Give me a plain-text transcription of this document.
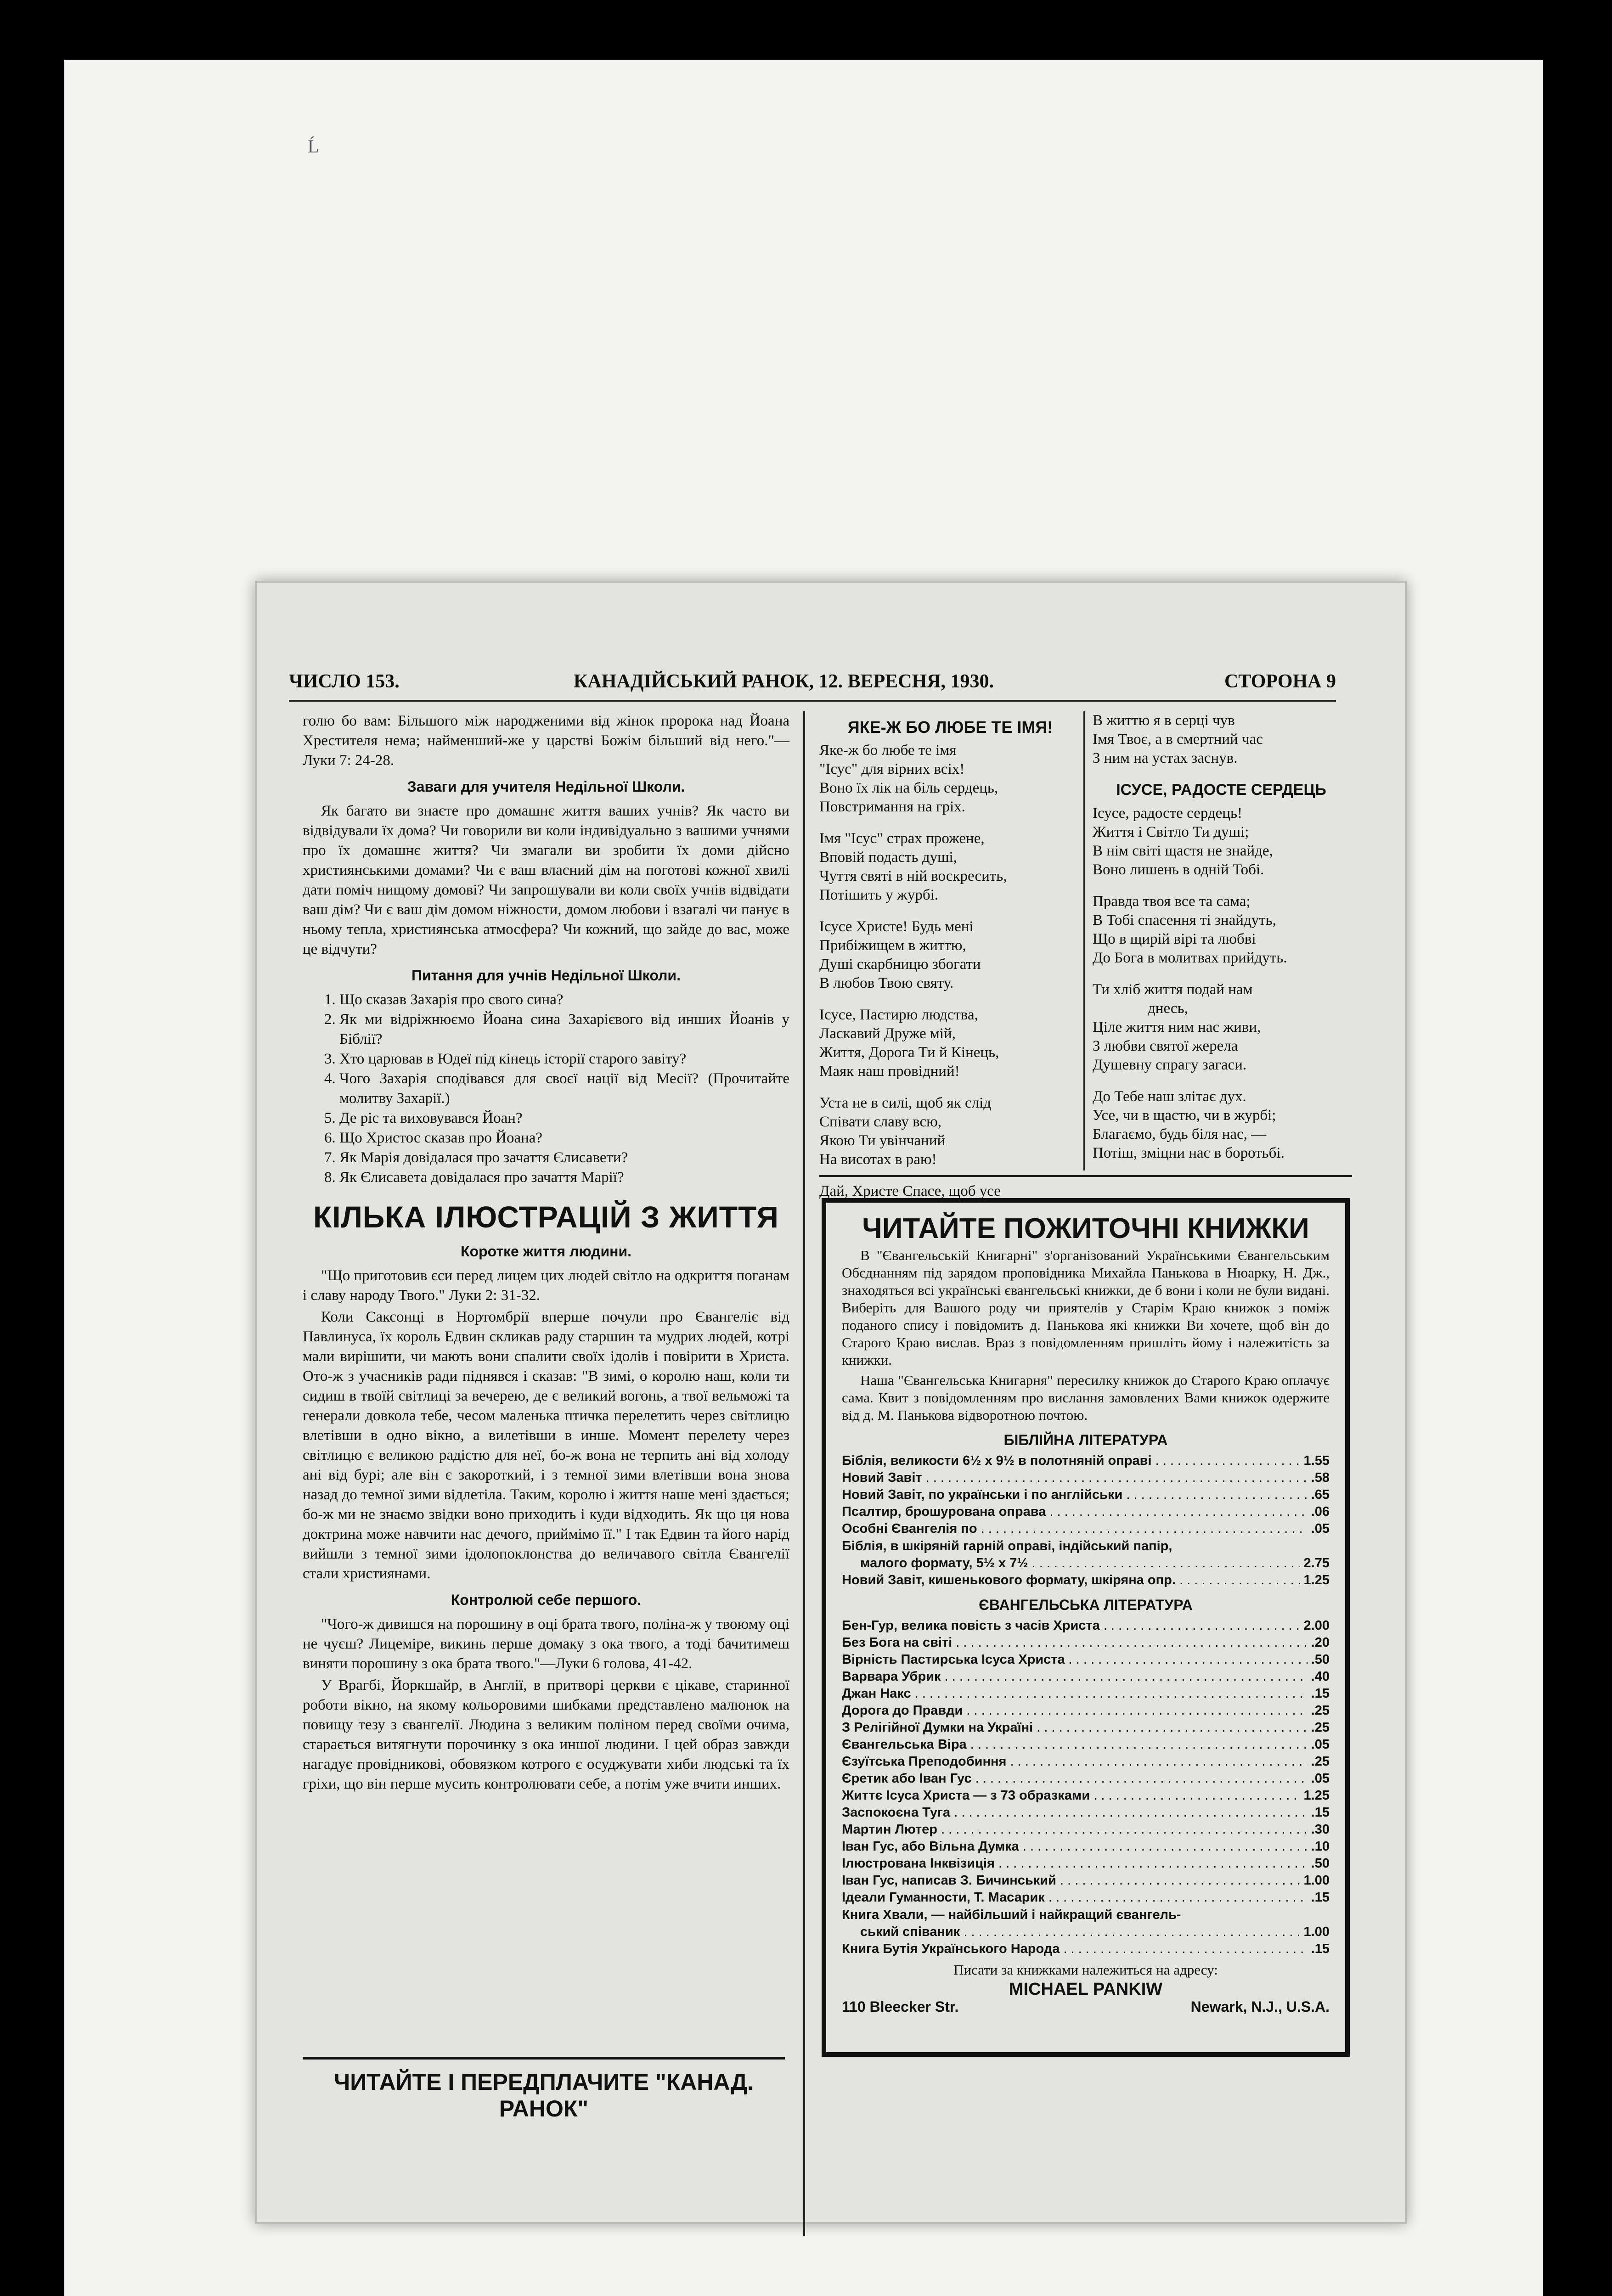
Ĺ
ЧИСЛО 153.	КАНАДІЙСЬКИЙ РАНОК, 12. ВЕРЕСНЯ, 1930.	СТОРОНА 9

голю бо вам: Більшого між народженими від жінок пророка над Йоана Хрестителя нема; найменший-же у царстві Божім більший від него."—Луки 7: 24-28.

Заваги для учителя Недільної Школи.

Як багато ви знаєте про домашнє життя ваших учнів? Як часто ви відвідували їх дома? Чи говорили ви коли індивідуально з вашими учнями про їх домашнє життя? Чи змагали ви зробити їх доми дійсно християнськими домами? Чи є ваш власний дім на поготові кожної хвилі дати поміч нищому домові? Чи запрошували ви коли своїх учнів відвідати ваш дім? Чи є ваш дім домом ніжности, домом любови і взагалі чи панує в ньому тепла, християнська атмосфера? Чи кожний, що зайде до вас, може це відчути?

Питання для учнів Недільної Школи.
1. Що сказав Захарія про свого сина?
2. Як ми відріжнюємо Йоана сина Захарієвого від инших Йоанів у Біблії?
3. Хто царював в Юдеї під кінець історії старого завіту?
4. Чого Захарія сподівався для своєї нації від Месії? (Прочитайте молитву Захарії.)
5. Де ріс та виховувався Йоан?
6. Що Христос сказав про Йоана?
7. Як Марія довідалася про зачаття Єлисавети?
8. Як Єлисавета довідалася про зачаття Марії?
КІЛЬКА ІЛЮСТРАЦІЙ З ЖИТТЯ
Коротке життя людини.

"Що приготовив єси перед лицем цих людей світло на одкриття поганам і славу народу Твого." Луки 2: 31-32.

Коли Саксонці в Нортомбрії вперше почули про Євангеліє від Павлинуса, їх король Едвин скликав раду старшин та мудрих людей, котрі мали вирішити, чи мають вони спалити своїх ідолів і повірити в Христа. Ото-ж з учасників ради піднявся і сказав: "В зимі, о королю наш, коли ти сидиш в твоїй світлиці за вечерею, де є великий вогонь, а твої вельможі та генерали довкола тебе, чесом маленька птичка перелетить через світлицю влетівши в одно вікно, а вилетівши в инше. Момент перелету через світлицю є великою радістю для неї, бо-ж вона не терпить ані від холоду ані від бурі; але він є закороткий, і з темної зими влетівши вона знова назад до темної зими відлетіла. Таким, королю і життя наше мені здається; бо-ж ми не знаємо звідки воно приходить і куди відходить. Як що ця нова доктрина може навчити нас дечого, приймімо її." І так Едвин та його нарід вийшли з темної зими ідолопоклонства до величавого світла Євангелії стали християнами.

Контролюй себе першого.

"Чого-ж дивишся на порошину в оці брата твого, поліна-ж у твоюму оці не чуєш? Лицеміре, викинь перше домаку з ока твого, а тоді бачитимеш виняти порошину з ока брата твого."—Луки 6 голова, 41-42.

У Врагбі, Йоркшайр, в Англії, в притворі церкви є цікаве, старинної роботи вікно, на якому кольоровими шибками представлено малюнок на повищу тезу з євангелії. Людина з великим поліном перед своїми очима, старається витягнути порочинку з ока иншої людини. І цей образ завжди нагадує провідникові, обовязком котрого є осуджувати хиби людські та їх гріхи, що він перше мусить контролювати себе, а потім уже вчити инших.

ЧИТАЙТЕ І ПЕРЕДПЛАЧИТЕ "КАНАД. РАНОК"
ЯКЕ-Ж БО ЛЮБЕ ТЕ ІМЯ!
Яке-ж бо любе те імя
"Ісус" для вірних всіх!
Воно їх лік на біль сердець,
Повстримання на гріх.
Імя "Ісус" страх прожене,
Вповій подасть душі,
Чуття святі в ній воскресить,
Потішить у журбі.
Ісусе Христе! Будь мені
Прибіжищем в життю,
Душі скарбницю збогати
В любов Твою святу.
Ісусе, Пастирю людства,
Ласкавий Друже мій,
Життя, Дорога Ти й Кінець,
Маяк наш провідний!
Уста не в силі, щоб як слід
Співати славу всю,
Якою Ти увінчаний
На висотах в раю!
Дай, Христе Спасе, щоб усе
В життю я в серці чув
Імя Твоє, а в смертний час
З ним на устах заснув.
ІСУСЕ, РАДОСТЕ СЕРДЕЦЬ
Ісусе, радосте сердець!
Життя і Світло Ти душі;
В нім світі щастя не знайде,
Воно лишень в одній Тобі.
Правда твоя все та сама;
В Тобі спасення ті знайдуть,
Що в щирій вірі та любві
До Бога в молитвах прийдуть.
Ти хліб життя подай нам
днесь,
Ціле життя ним нас живи,
З любви святої жерела
Душевну спрагу загаси.
До Тебе наш злітає дух.
Усе, чи в щастю, чи в журбі;
Благаємо, будь біля нас, —
Потіш, зміцни нас в боротьбі.
ЧИТАЙТЕ ПОЖИТОЧНІ КНИЖКИ

В "Євангельській Книгарні" з'організований Українськими Євангельським Обєднанням під зарядом проповідника Михайла Панькова в Нюарку, Н. Дж., знаходяться всі українські євангельські книжки, де б вони і коли не були видані. Виберіть для Вашого роду чи приятелів у Старім Краю книжок з поміж поданого спису і повідомить д. Панькова які книжки Ви хочете, щоб він до Старого Краю вислав. Враз з повідомленням пришліть йому і належитість за книжки.

Наша "Євангельська Книгарня" пересилку книжок до Старого Краю оплачує сама. Квит з повідомленням про вислання замовлених Вами книжок одержите від д. М. Панькова відворотною почтою.

БІБЛІЙНА ЛІТЕРАТУРА
Біблія, великости 6½ x 9½ в полотняній оправі . . .	1.55
Новий Завіт . . .	.58
Новий Завіт, по українськи і по англійськи . . .	.65
Псалтир, брошурована оправа . . .	.06
Особні Євангелія по . . .	.05
Біблія, в шкіряній гарній оправі, індійський папір,
малого формату, 5½ x 7½ . . .	2.75
Новий Завіт, кишенькового формату, шкіряна опр. . . .	1.25
ЄВАНГЕЛЬСЬКА ЛІТЕРАТУРА
Бен-Гур, велика повість з часів Христа . . .	2.00
Без Бога на світі . . .	.20
Вірність Пастирська Ісуса Христа . . .	.50
Варвара Убрик . . .	.40
Джан Накс . . .	.15
Дорога до Правди . . .	.25
З Релігійної Думки на Україні . . .	.25
Євангельська Віра . . .	.05
Єзуїтська Преподобиння . . .	.25
Єретик або Іван Гус . . .	.05
Життє Ісуса Христа — з 73 образками . . .	1.25
Заспокоєна Туга . . .	.15
Мартин Лютер . . .	.30
Іван Гус, або Вільна Думка . . .	.10
Ілюстрована Інквізиція . . .	.50
Іван Гус, написав З. Бичинський . . .	1.00
Ідеали Гуманности, Т. Масарик . . .	.15
Книга Хвали, — найбільший і найкращий євангель-
ський співаник . . .	1.00
Книга Бутія Українського Народа . . .	.15
Писати за книжками належиться на адресу:
MICHAEL PANKIW
110 Bleecker Str.	Newark, N.J., U.S.A.
